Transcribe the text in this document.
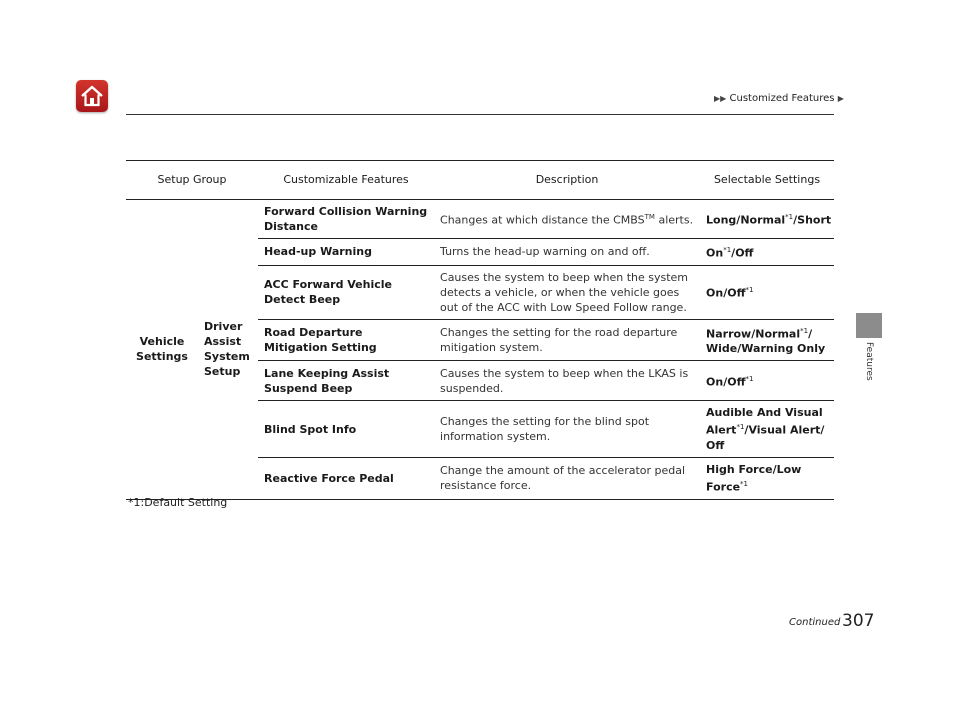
▶▶ Customized Features ▶
Features
Setup Group		Customizable Features	Description	Selectable Settings
Vehicle Settings	Driver Assist System Setup	Forward Collision Warning Distance	Changes at which distance the CMBS™ alerts.	Long/Normal$^{*1}$/Short
		Head-up Warning	Turns the head-up warning on and off.	On$^{*1}$/Off
		ACC Forward Vehicle Detect Beep	Causes the system to beep when the system detects a vehicle, or when the vehicle goes out of the ACC with Low Speed Follow range.	On/Off$^{*1}$
		Road Departure Mitigation Setting	Changes the setting for the road departure mitigation system.	Narrow/Normal$^{*1}$/ Wide/Warning Only
		Lane Keeping Assist Suspend Beep	Causes the system to beep when the LKAS is suspended.	On/Off$^{*1}$
		Blind Spot Info	Changes the setting for the blind spot information system.	Audible And Visual Alert$^{*1}$/Visual Alert/ Off
		Reactive Force Pedal	Change the amount of the accelerator pedal resistance force.	High Force/Low Force$^{*1}$
*1:Default Setting
Continued 307
